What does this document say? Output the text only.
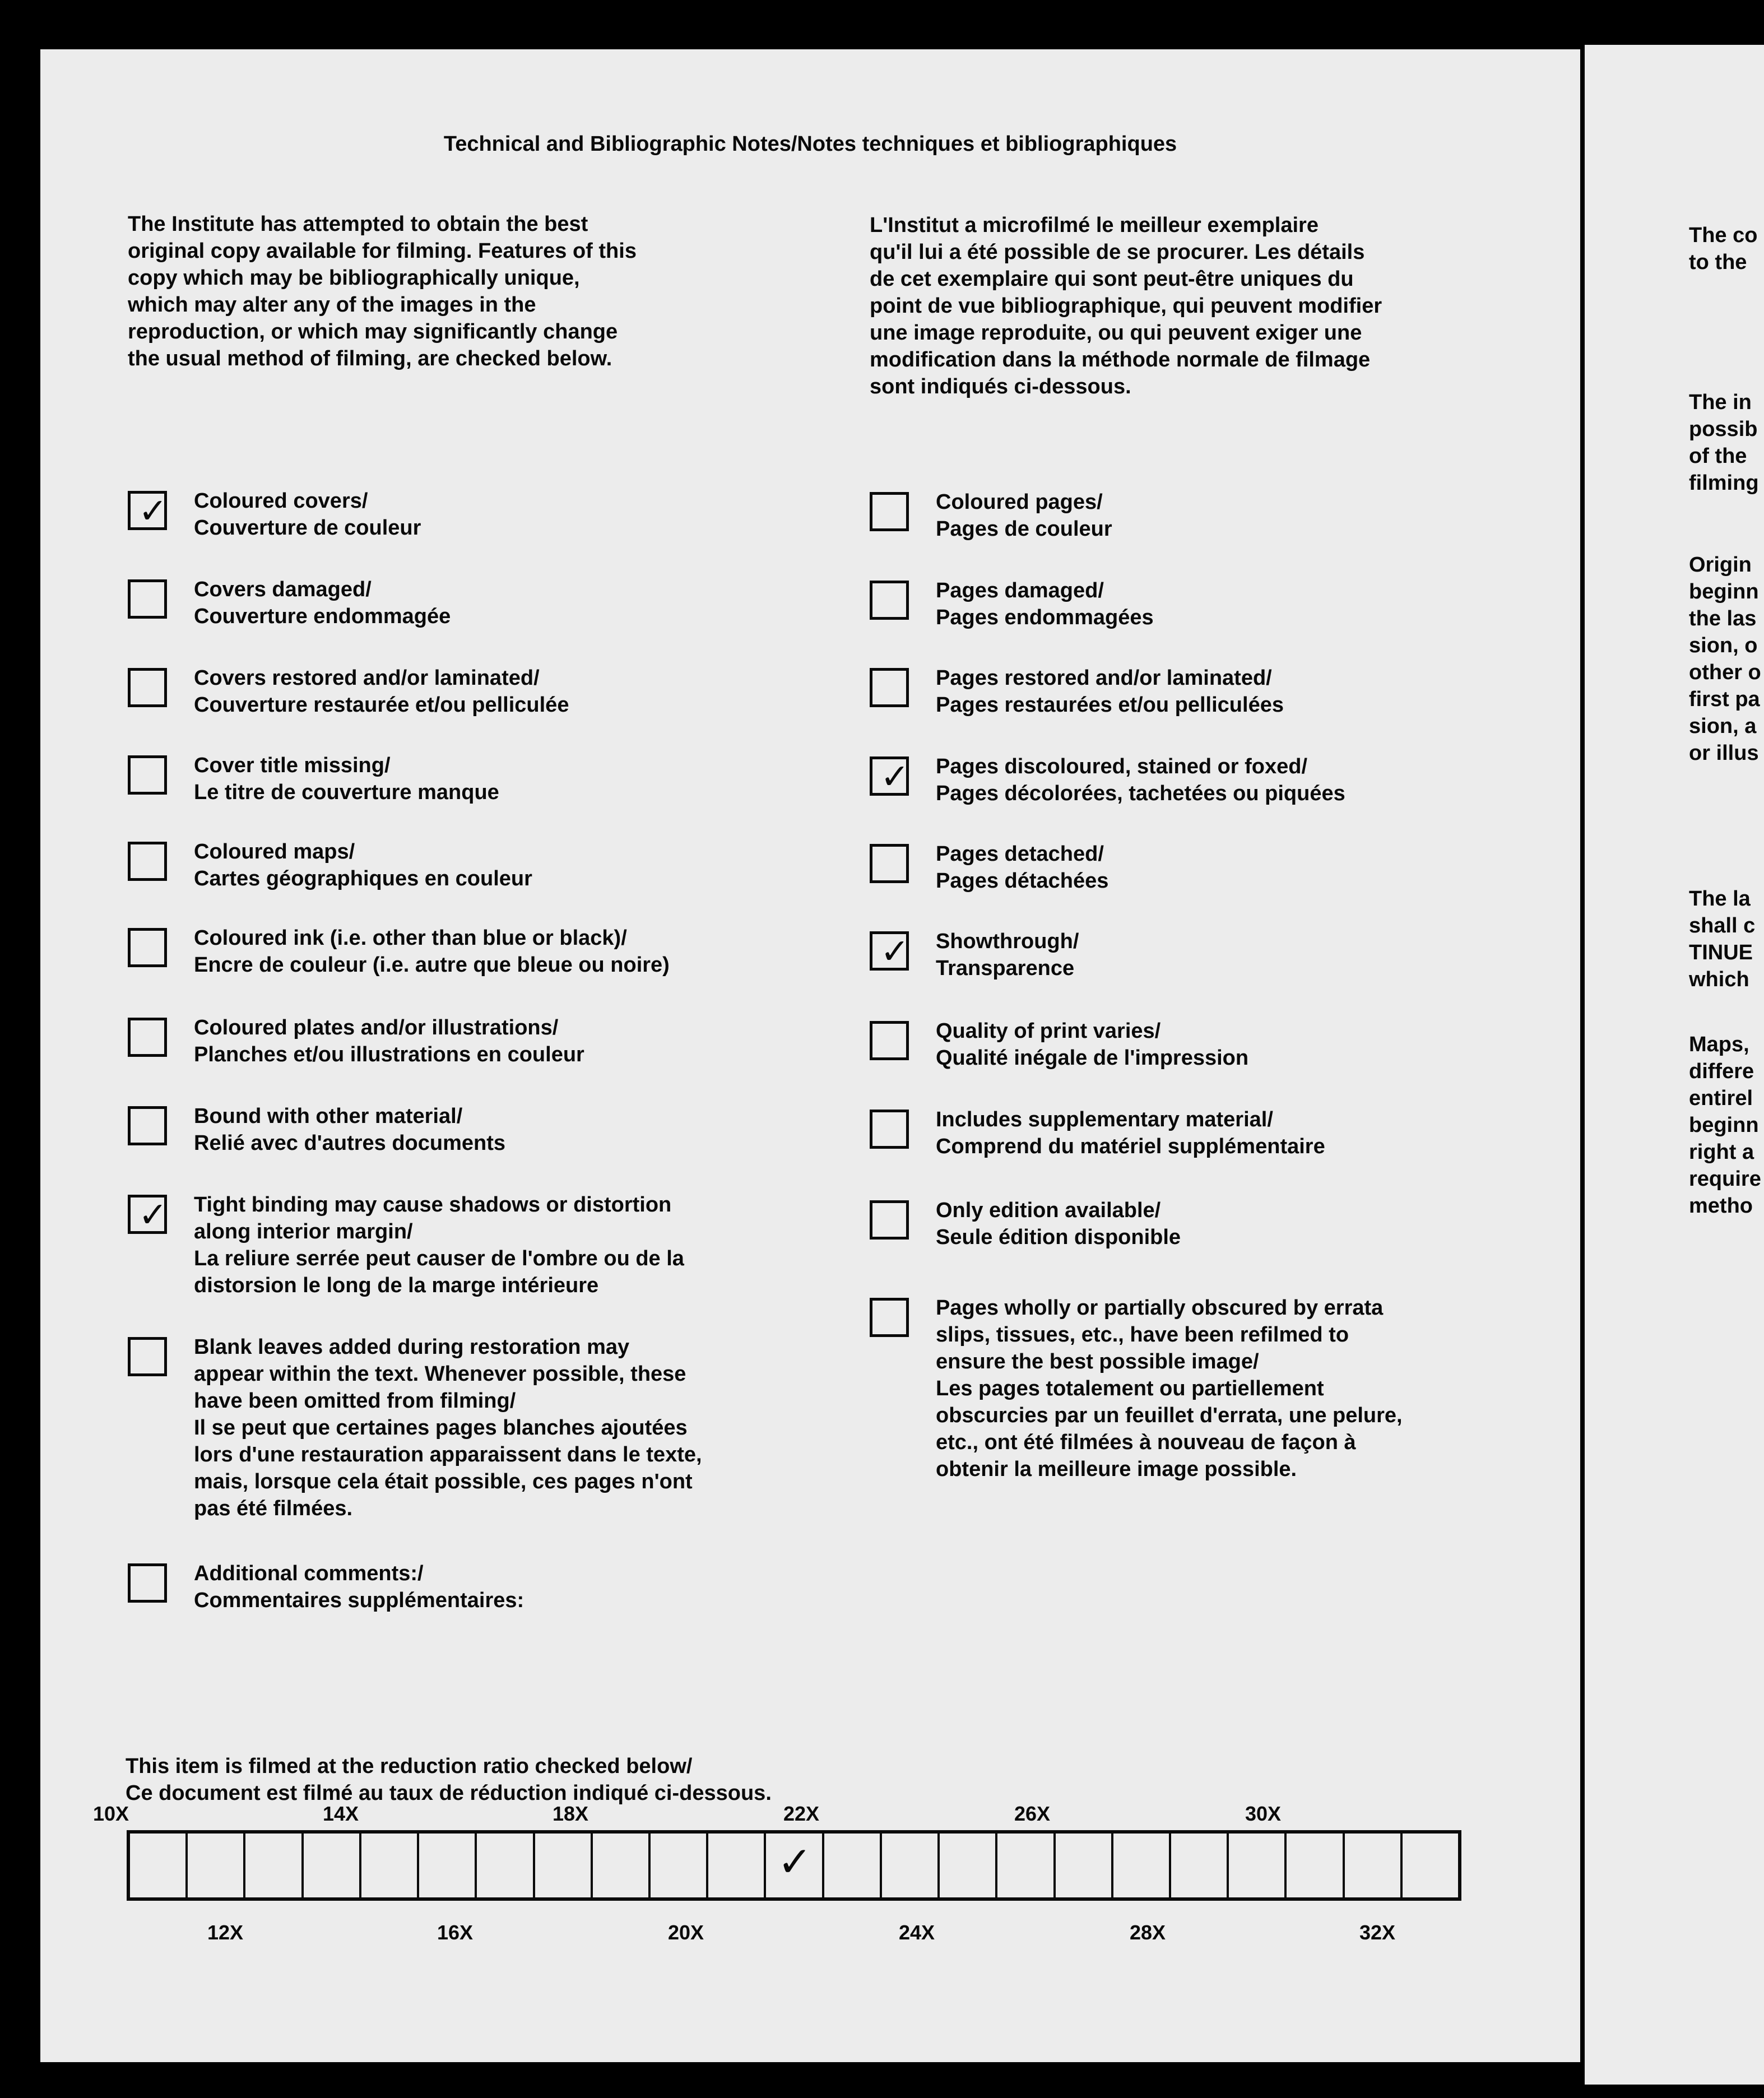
Technical and Bibliographic Notes/Notes techniques et bibliographiques
The Institute has attempted to obtain the best
original copy available for filming. Features of this
copy which may be bibliographically unique,
which may alter any of the images in the
reproduction, or which may significantly change
the usual method of filming, are checked below.
L'Institut a microfilmé le meilleur exemplaire
qu'il lui a été possible de se procurer. Les détails
de cet exemplaire qui sont peut-être uniques du
point de vue bibliographique, qui peuvent modifier
une image reproduite, ou qui peuvent exiger une
modification dans la méthode normale de filmage
sont indiqués ci-dessous.
✓ Coloured covers/
Couverture de couleur
Covers damaged/
Couverture endommagée
Covers restored and/or laminated/
Couverture restaurée et/ou pelliculée
Cover title missing/
Le titre de couverture manque
Coloured maps/
Cartes géographiques en couleur
Coloured ink (i.e. other than blue or black)/
Encre de couleur (i.e. autre que bleue ou noire)
Coloured plates and/or illustrations/
Planches et/ou illustrations en couleur
Bound with other material/
Relié avec d'autres documents
✓ Tight binding may cause shadows or distortion
along interior margin/
La reliure serrée peut causer de l'ombre ou de la
distorsion le long de la marge intérieure
Blank leaves added during restoration may
appear within the text. Whenever possible, these
have been omitted from filming/
Il se peut que certaines pages blanches ajoutées
lors d'une restauration apparaissent dans le texte,
mais, lorsque cela était possible, ces pages n'ont
pas été filmées.
Additional comments:/
Commentaires supplémentaires:
Coloured pages/
Pages de couleur
Pages damaged/
Pages endommagées
Pages restored and/or laminated/
Pages restaurées et/ou pelliculées
✓ Pages discoloured, stained or foxed/
Pages décolorées, tachetées ou piquées
Pages detached/
Pages détachées
✓ Showthrough/
Transparence
Quality of print varies/
Qualité inégale de l'impression
Includes supplementary material/
Comprend du matériel supplémentaire
Only edition available/
Seule édition disponible
Pages wholly or partially obscured by errata
slips, tissues, etc., have been refilmed to
ensure the best possible image/
Les pages totalement ou partiellement
obscurcies par un feuillet d'errata, une pelure,
etc., ont été filmées à nouveau de façon à
obtenir la meilleure image possible.
This item is filmed at the reduction ratio checked below/
Ce document est filmé au taux de réduction indiqué ci-dessous.
10X	14X	18X	22X	26X	30X
12X	16X	20X	24X	28X	32X
✓
The co
to the
The in
possib
of the
filming
Origin
beginn
the las
sion, o
other o
first pa
sion, a
or illus
The la
shall c
TINUE
which
Maps,
differe
entirel
beginn
right a
require
metho
